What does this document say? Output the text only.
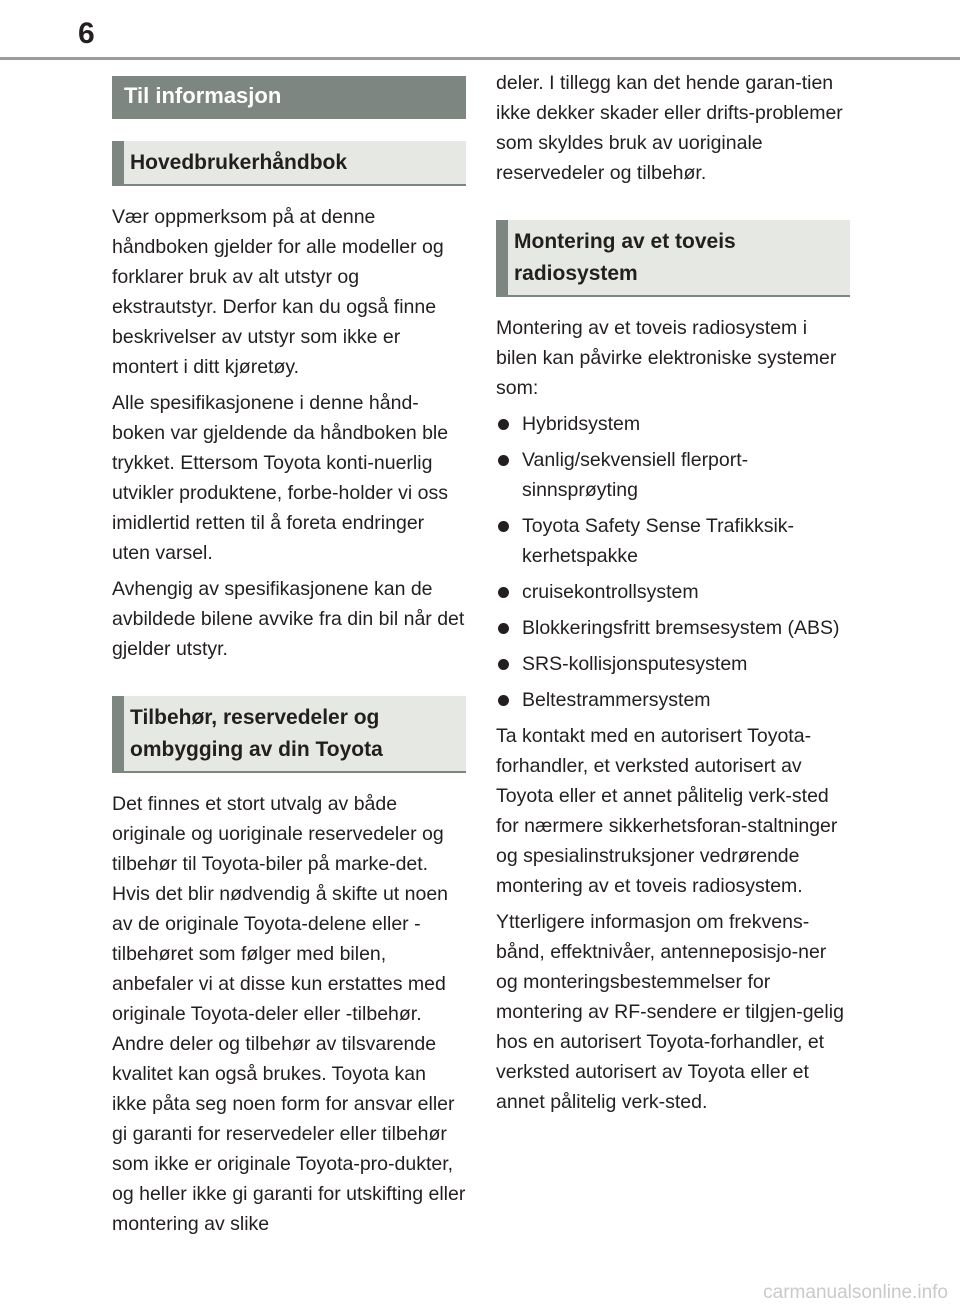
6
Til informasjon
Hovedbrukerhåndbok

Vær oppmerksom på at denne håndboken gjelder for alle modeller og forklarer bruk av alt utstyr og ekstrautstyr. Derfor kan du også finne beskrivelser av utstyr som ikke er montert i ditt kjøretøy.

Alle spesifikasjonene i denne hånd-boken var gjeldende da håndboken ble trykket. Ettersom Toyota konti-nuerlig utvikler produktene, forbe-holder vi oss imidlertid retten til å foreta endringer uten varsel.

Avhengig av spesifikasjonene kan de avbildede bilene avvike fra din bil når det gjelder utstyr.

Tilbehør, reservedeler og ombygging av din Toyota

Det finnes et stort utvalg av både originale og uoriginale reservedeler og tilbehør til Toyota-biler på marke-det. Hvis det blir nødvendig å skifte ut noen av de originale Toyota-delene eller -tilbehøret som følger med bilen, anbefaler vi at disse kun erstattes med originale Toyota-deler eller -tilbehør. Andre deler og tilbehør av tilsvarende kvalitet kan også brukes. Toyota kan ikke påta seg noen form for ansvar eller gi garanti for reservedeler eller tilbehør som ikke er originale Toyota-pro-dukter, og heller ikke gi garanti for utskifting eller montering av slike

deler. I tillegg kan det hende garan-tien ikke dekker skader eller drifts-problemer som skyldes bruk av uoriginale reservedeler og tilbehør.

Montering av et toveis radiosystem

Montering av et toveis radiosystem i bilen kan påvirke elektroniske systemer som:

Hybridsystem
Vanlig/sekvensiell flerport-sinnsprøyting
Toyota Safety Sense Trafikksik-kerhetspakke
cruisekontrollsystem
Blokkeringsfritt bremsesystem (ABS)
SRS-kollisjonsputesystem
Beltestrammersystem

Ta kontakt med en autorisert Toyota-forhandler, et verksted autorisert av Toyota eller et annet pålitelig verk-sted for nærmere sikkerhetsforan-staltninger og spesialinstruksjoner vedrørende montering av et toveis radiosystem.

Ytterligere informasjon om frekvens-bånd, effektnivåer, antenneposisjo-ner og monteringsbestemmelser for montering av RF-sendere er tilgjen-gelig hos en autorisert Toyota-forhandler, et verksted autorisert av Toyota eller et annet pålitelig verk-sted.

carmanualsonline.info
